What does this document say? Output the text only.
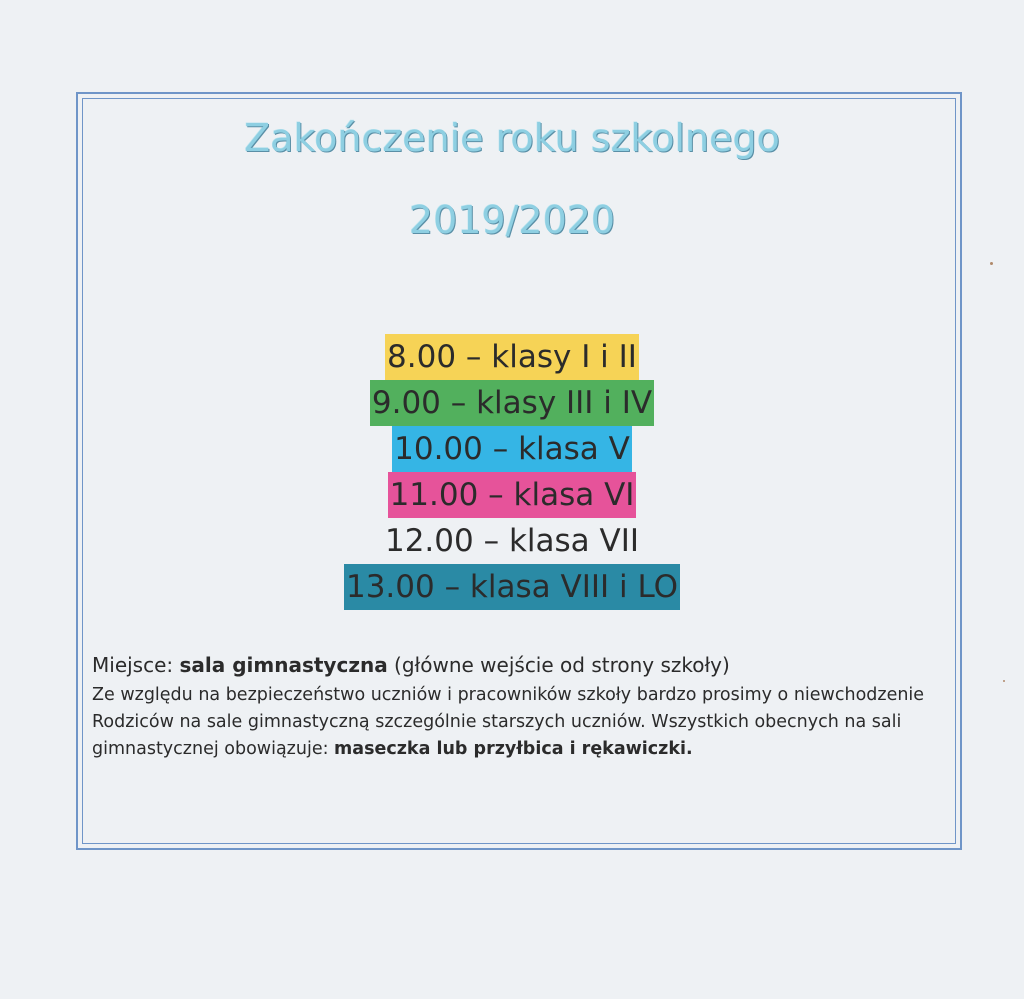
Zakończenie roku szkolnego
2019/2020
8.00 – klasy I i II
9.00 – klasy III i IV
10.00 – klasa V
11.00 – klasa VI
12.00 – klasa VII
13.00 – klasa VIII i LO
Miejsce: sala gimnastyczna (główne wejście od strony szkoły)
Ze względu na bezpieczeństwo uczniów i pracowników szkoły bardzo prosimy o niewchodzenie Rodziców na sale gimnastyczną szczególnie starszych uczniów. Wszystkich obecnych na sali gimnastycznej obowiązuje: maseczka lub przyłbica i rękawiczki.
